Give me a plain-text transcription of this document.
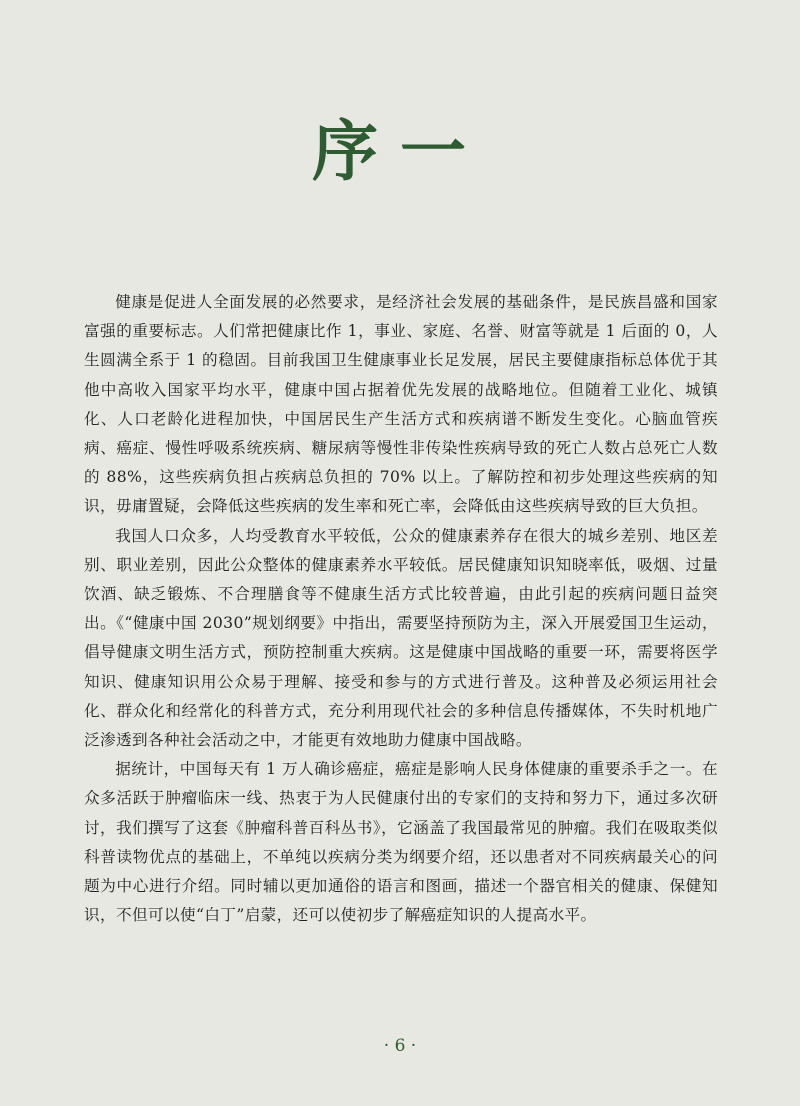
序一

健康是促进人全面发展的必然要求，是经济社会发展的基础条件，是民族昌盛和国家富强的重要标志。人们常把健康比作 1，事业、家庭、名誉、财富等就是 1 后面的 0，人生圆满全系于 1 的稳固。目前我国卫生健康事业长足发展，居民主要健康指标总体优于其他中高收入国家平均水平，健康中国占据着优先发展的战略地位。但随着工业化、城镇化、人口老龄化进程加快，中国居民生产生活方式和疾病谱不断发生变化。心脑血管疾病、癌症、慢性呼吸系统疾病、糖尿病等慢性非传染性疾病导致的死亡人数占总死亡人数的 88%，这些疾病负担占疾病总负担的 70% 以上。了解防控和初步处理这些疾病的知识，毋庸置疑，会降低这些疾病的发生率和死亡率，会降低由这些疾病导致的巨大负担。

我国人口众多，人均受教育水平较低，公众的健康素养存在很大的城乡差别、地区差别、职业差别，因此公众整体的健康素养水平较低。居民健康知识知晓率低，吸烟、过量饮酒、缺乏锻炼、不合理膳食等不健康生活方式比较普遍，由此引起的疾病问题日益突出。《“健康中国 2030”规划纲要》中指出，需要坚持预防为主，深入开展爱国卫生运动，倡导健康文明生活方式，预防控制重大疾病。这是健康中国战略的重要一环，需要将医学知识、健康知识用公众易于理解、接受和参与的方式进行普及。这种普及必须运用社会化、群众化和经常化的科普方式，充分利用现代社会的多种信息传播媒体，不失时机地广泛渗透到各种社会活动之中，才能更有效地助力健康中国战略。

据统计，中国每天有 1 万人确诊癌症，癌症是影响人民身体健康的重要杀手之一。在众多活跃于肿瘤临床一线、热衷于为人民健康付出的专家们的支持和努力下，通过多次研讨，我们撰写了这套《肿瘤科普百科丛书》，它涵盖了我国最常见的肿瘤。我们在吸取类似科普读物优点的基础上，不单纯以疾病分类为纲要介绍，还以患者对不同疾病最关心的问题为中心进行介绍。同时辅以更加通俗的语言和图画，描述一个器官相关的健康、保健知识，不但可以使“白丁”启蒙，还可以使初步了解癌症知识的人提高水平。

· 6 ·
